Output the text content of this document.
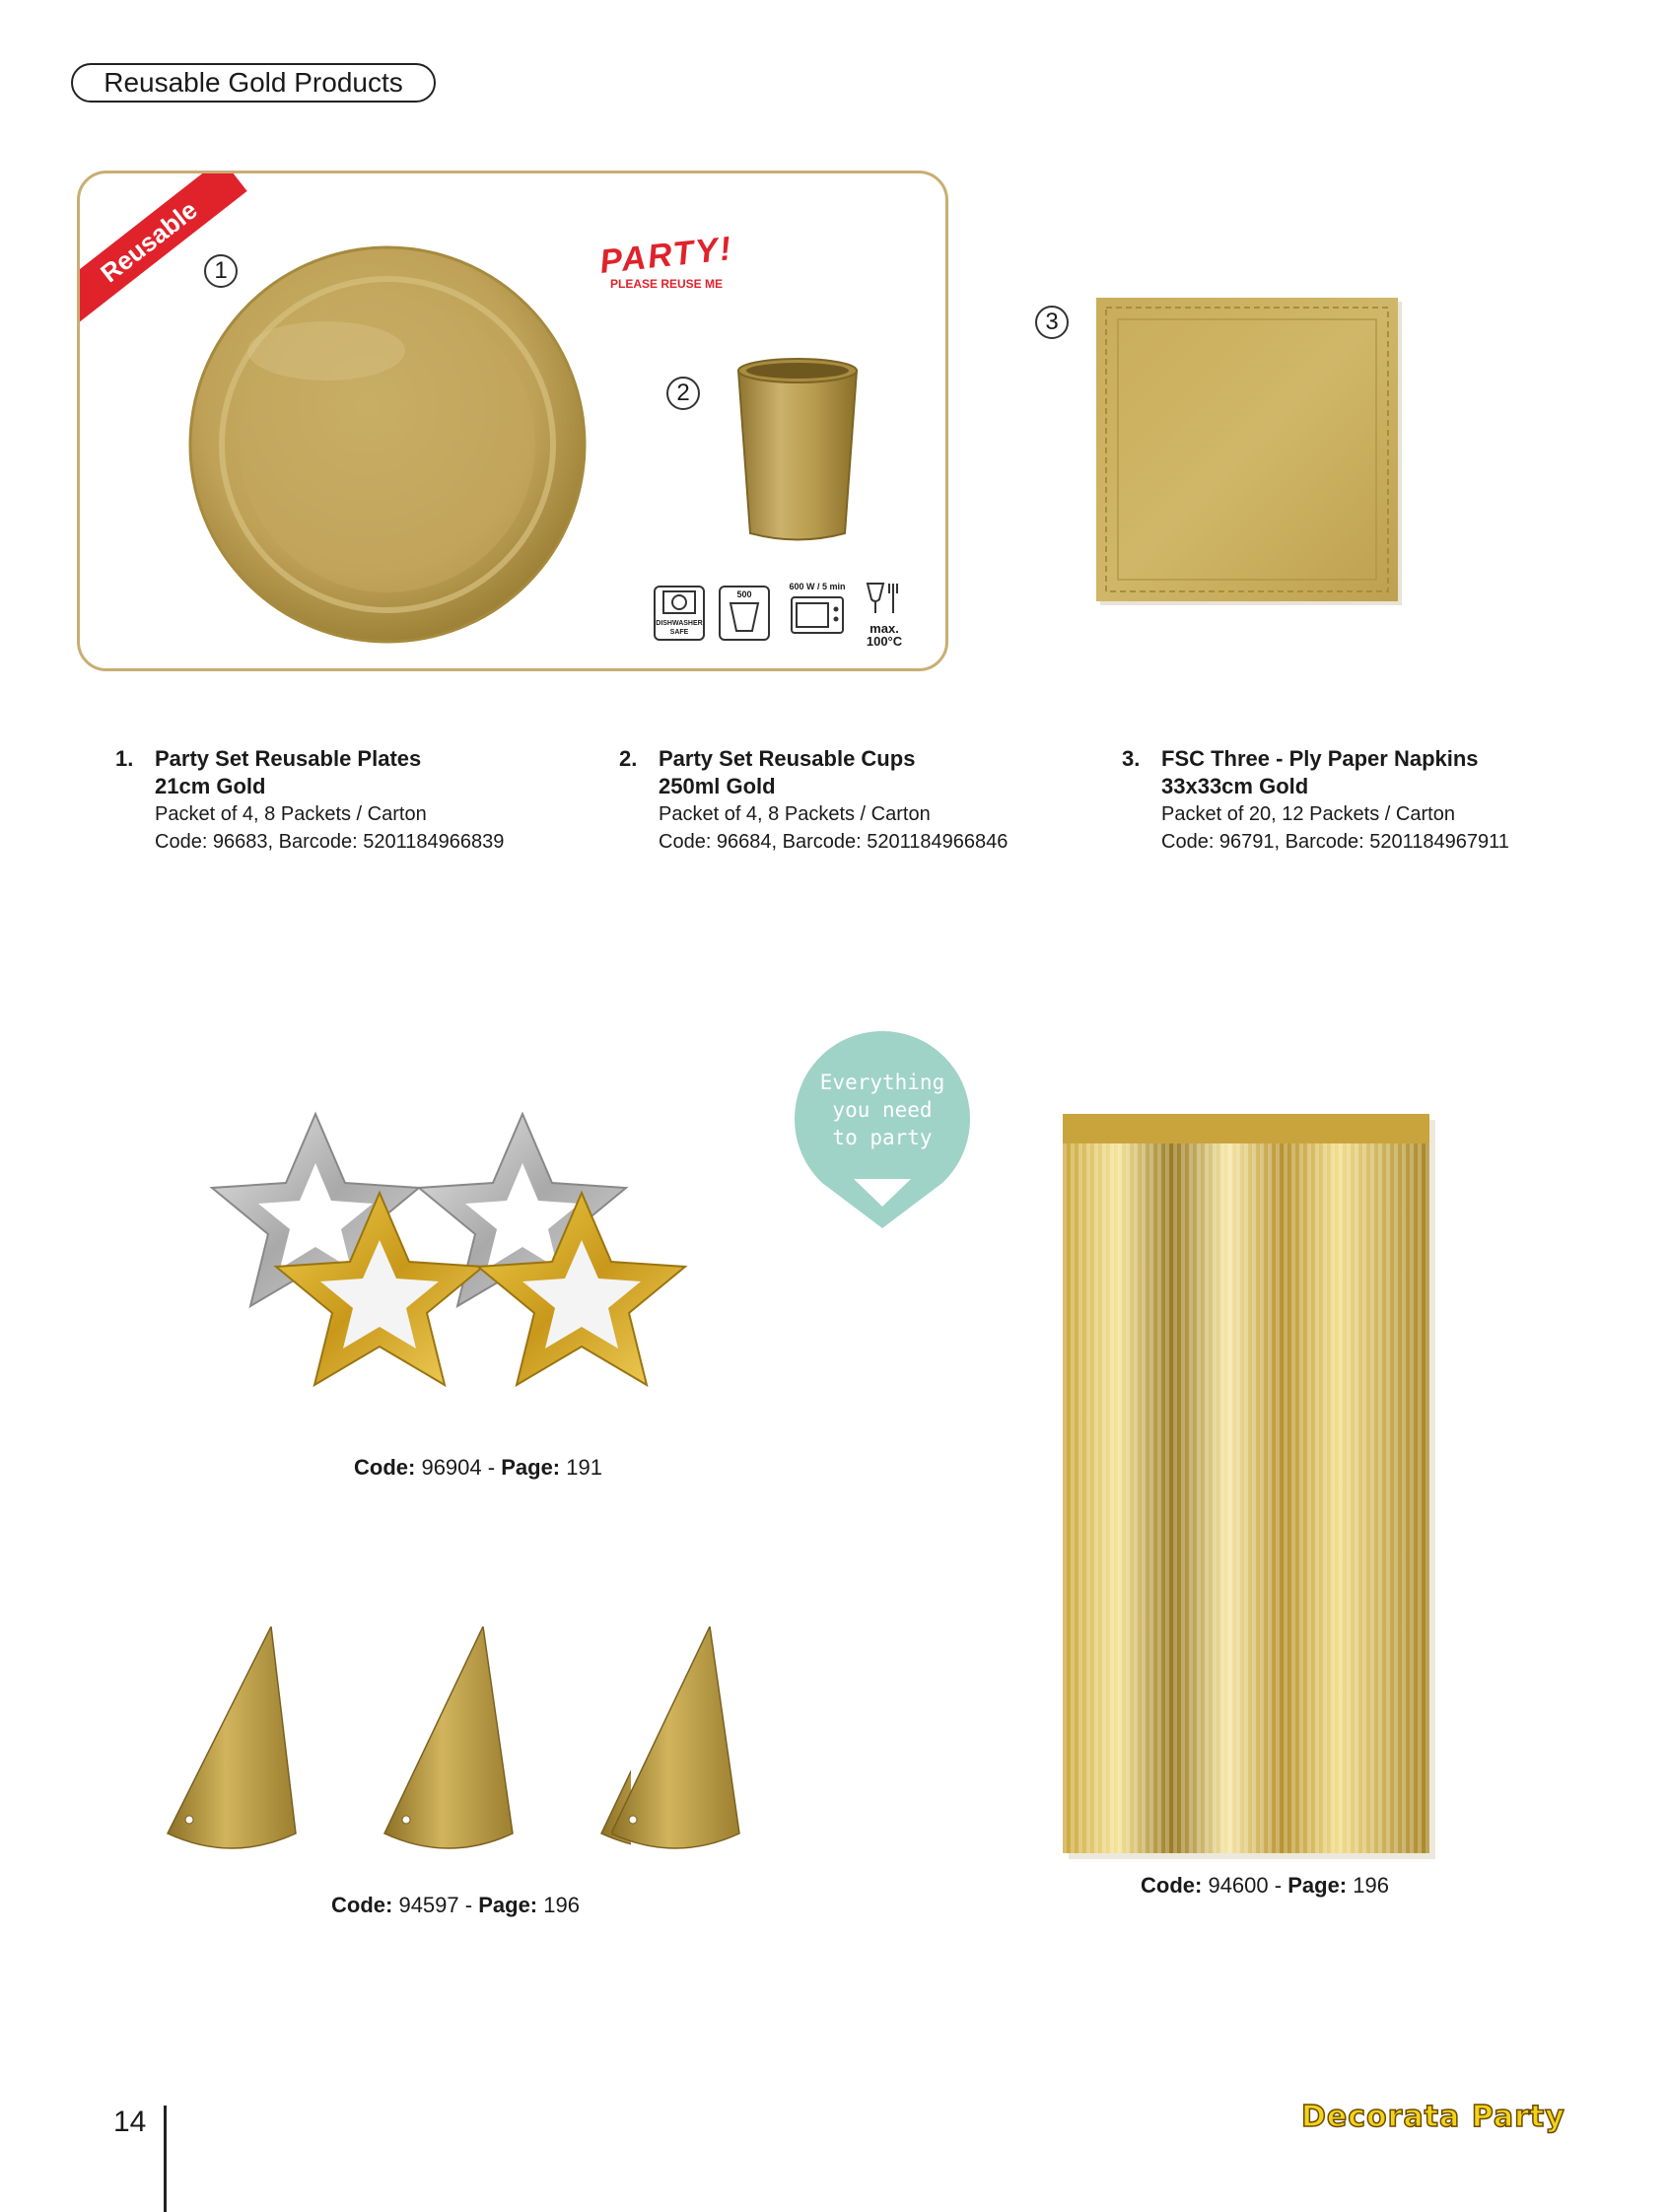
Reusable Gold Products
Reusable	PARTY!
PLEASE REUSE ME
1
2
DISHWASHER SAFE
500
600 W / 5 min
max.
100°C
3
1. Party Set Reusable Plates
21cm Gold
Packet of 4, 8 Packets / Carton
Code: 96683, Barcode: 5201184966839
2. Party Set Reusable Cups
250ml Gold
Packet of 4, 8 Packets / Carton
Code: 96684, Barcode: 5201184966846
3. FSC Three - Ply Paper Napkins
33x33cm Gold
Packet of 20, 12 Packets / Carton
Code: 96791, Barcode: 5201184967911
Everything
you need
to party
Code: 96904 - Page: 191
Code: 94597 - Page: 196
Code: 94600 - Page: 196
14	Decorata Party
